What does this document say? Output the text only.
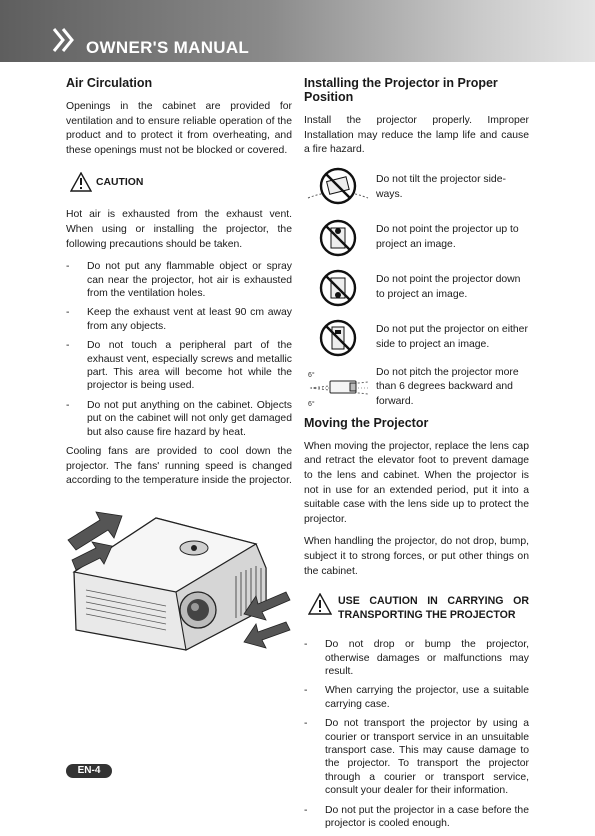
OWNER'S MANUAL
Air Circulation

Openings in the cabinet are provided for ventilation and to ensure reliable operation of the product and to protect it from overheating, and these openings must not be blocked or covered.

CAUTION

Hot air is exhausted from the exhaust vent. When using or installing the projector, the following precautions should be taken.

- Do not put any flammable object or spray can near the projector, hot air is exhausted from the ventilation holes.
- Keep the exhaust vent at least 90 cm away from any objects.
- Do not touch a peripheral part of the exhaust vent, especially screws and metallic part. This area will become hot while the projector is being used.
- Do not put anything on the cabinet. Objects put on the cabinet will not only get damaged but also cause fire hazard by heat.

Cooling fans are provided to cool down the projector. The fans' running speed is changed according to the temperature inside the projector.

Installing the Projector in Proper Position

Install the projector properly. Improper Installation may reduce the lamp life and cause a fire hazard.

Do not tilt the projector side-ways.
Do not point the projector up to project an image.
Do not point the projector down to project an image.
Do not put the projector on either side to project an image.
6°
6°
Do not pitch the projector more than 6 degrees backward and forward.
Moving the Projector

When moving the projector, replace the lens cap and retract the elevator foot to prevent damage to the lens and cabinet. When the projector is not in use for an extended period, put it into a suitable case with the lens side up to protect the projector.

When handling the projector, do not drop, bump, subject it to strong forces, or put other things on the cabinet.

USE CAUTION IN CARRYING OR TRANSPORTING THE PROJECTOR
- Do not drop or bump the projector, otherwise damages or malfunctions may result.
- When carrying the projector, use a suitable carrying case.
- Do not transport the projector by using a courier or transport service in an unsuitable transport case. This may cause damage to the projector. To transport the projector through a courier or transport service, consult your dealer for their information.
- Do not put the projector in a case before the projector is cooled enough.
EN-4
